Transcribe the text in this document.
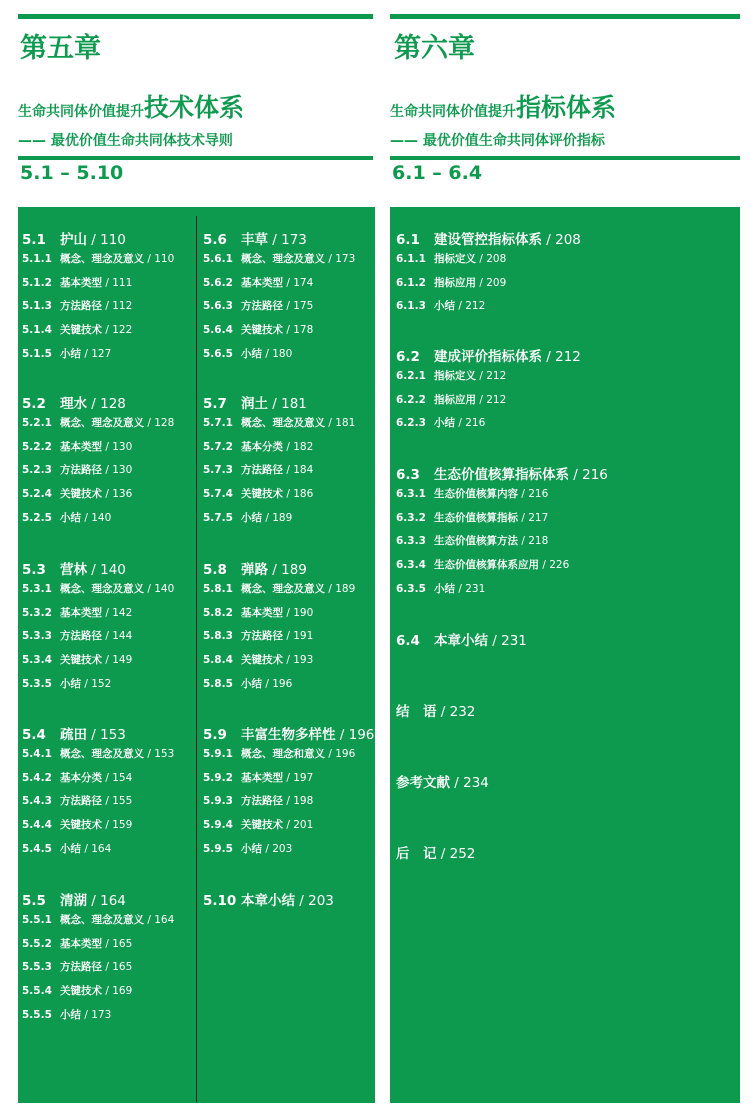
第五章
生命共同体价值提升技术体系
—— 最优价值生命共同体技术导则
5.1 – 5.10
第六章
生命共同体价值提升指标体系
—— 最优价值生命共同体评价指标
6.1 – 6.4
5.1 护山 / 110
5.1.1 概念、理念及意义 / 110
5.1.2 基本类型 / 111
5.1.3 方法路径 / 112
5.1.4 关键技术 / 122
5.1.5 小结 / 127
5.2 理水 / 128
5.2.1 概念、理念及意义 / 128
5.2.2 基本类型 / 130
5.2.3 方法路径 / 130
5.2.4 关键技术 / 136
5.2.5 小结 / 140
5.3 营林 / 140
5.3.1 概念、理念及意义 / 140
5.3.2 基本类型 / 142
5.3.3 方法路径 / 144
5.3.4 关键技术 / 149
5.3.5 小结 / 152
5.4 疏田 / 153
5.4.1 概念、理念及意义 / 153
5.4.2 基本分类 / 154
5.4.3 方法路径 / 155
5.4.4 关键技术 / 159
5.4.5 小结 / 164
5.5 清湖 / 164
5.5.1 概念、理念及意义 / 164
5.5.2 基本类型 / 165
5.5.3 方法路径 / 165
5.5.4 关键技术 / 169
5.5.5 小结 / 173
5.6 丰草 / 173
5.6.1 概念、理念及意义 / 173
5.6.2 基本类型 / 174
5.6.3 方法路径 / 175
5.6.4 关键技术 / 178
5.6.5 小结 / 180
5.7 润土 / 181
5.7.1 概念、理念及意义 / 181
5.7.2 基本分类 / 182
5.7.3 方法路径 / 184
5.7.4 关键技术 / 186
5.7.5 小结 / 189
5.8 弹路 / 189
5.8.1 概念、理念及意义 / 189
5.8.2 基本类型 / 190
5.8.3 方法路径 / 191
5.8.4 关键技术 / 193
5.8.5 小结 / 196
5.9 丰富生物多样性 / 196
5.9.1 概念、理念和意义 / 196
5.9.2 基本类型 / 197
5.9.3 方法路径 / 198
5.9.4 关键技术 / 201
5.9.5 小结 / 203
5.10 本章小结 / 203
6.1 建设管控指标体系 / 208
6.1.1 指标定义 / 208
6.1.2 指标应用 / 209
6.1.3 小结 / 212
6.2 建成评价指标体系 / 212
6.2.1 指标定义 / 212
6.2.2 指标应用 / 212
6.2.3 小结 / 216
6.3 生态价值核算指标体系 / 216
6.3.1 生态价值核算内容 / 216
6.3.2 生态价值核算指标 / 217
6.3.3 生态价值核算方法 / 218
6.3.4 生态价值核算体系应用 / 226
6.3.5 小结 / 231
6.4 本章小结 / 231
结　语 / 232
参考文献 / 234
后　记 / 252
